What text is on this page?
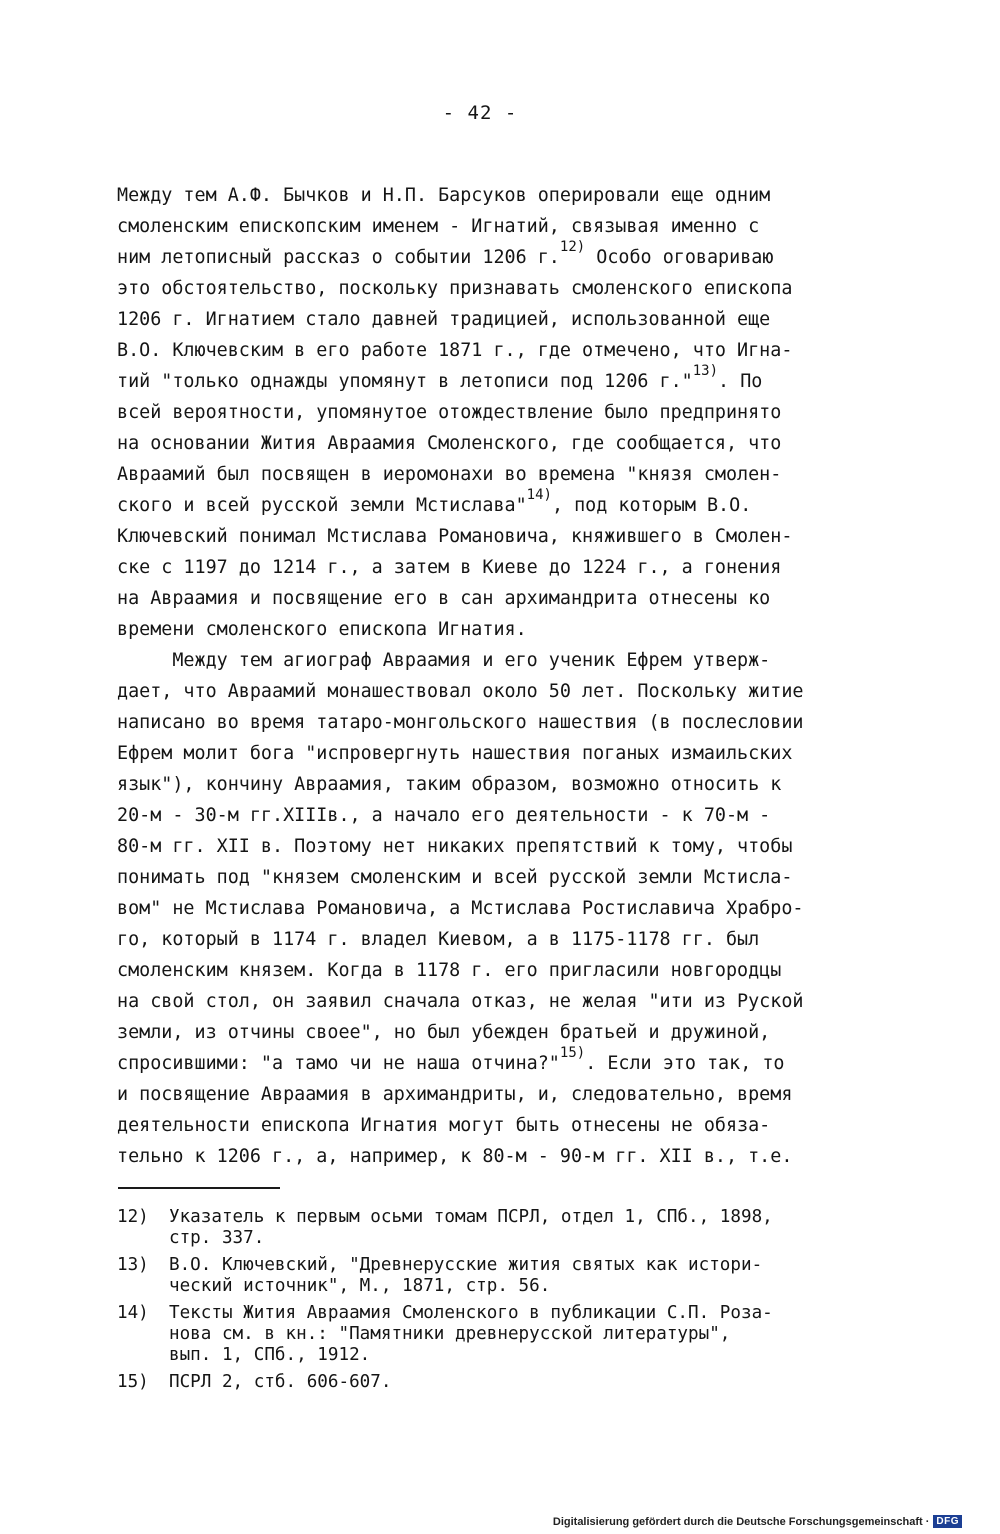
- 42 -
Между тем А.Ф. Бычков и Н.П. Барсуков оперировали еще одним
смоленским епископским именем - Игнатий, связывая именно с
ним летописный рассказ о событии 1206 г.$^{12)}$ Особо оговариваю
это обстоятельство, поскольку признавать смоленского епископа
1206 г. Игнатием стало давней традицией, использованной еще
В.О. Ключевским в его работе 1871 г., где отмечено, что Игна-
тий "только однажды упомянут в летописи под 1206 г."$^{13)}$. По
всей вероятности, упомянутое отождествление было предпринято
на основании Жития Авраамия Смоленского, где сообщается, что
Авраамий был посвящен в иеромонахи во времена "князя смолен-
ского и всей русской земли Мстислава"$^{14)}$, под которым В.О.
Ключевский понимал Мстислава Романовича, княжившего в Смолен-
ске с 1197 до 1214 г., а затем в Киеве до 1224 г., а гонения
на Авраамия и посвящение его в сан архимандрита отнесены ко
времени смоленского епископа Игнатия.
Между тем агиограф Авраамия и его ученик Ефрем утверж-
дает, что Авраамий монашествовал около 50 лет. Поскольку житие
написано во время татаро-монгольского нашествия (в послесловии
Ефрем молит бога "испровергнуть нашествия поганых измаильских
язык"), кончину Авраамия, таким образом, возможно относить к
20-м - 30-м гг.XIIIв., а начало его деятельности - к 70-м -
80-м гг. XII в. Поэтому нет никаких препятствий к тому, чтобы
понимать под "князем смоленским и всей русской земли Мстисла-
вом" не Мстислава Романовича, а Мстислава Ростиславича Храбро-
го, который в 1174 г. владел Киевом, а в 1175-1178 гг. был
смоленским князем. Когда в 1178 г. его пригласили новгородцы
на свой стол, он заявил сначала отказ, не желая "ити из Руской
земли, из отчины своее", но был убежден братьей и дружиной,
спросившими: "а тамо чи не наша отчина?"$^{15)}$. Если это так, то
и посвящение Авраамия в архимандриты, и, следовательно, время
деятельности епископа Игнатия могут быть отнесены не обяза-
тельно к 1206 г., а, например, к 80-м - 90-м гг. XII в., т.е.
12)	Указатель к первым осьми томам ПСРЛ, отдел 1, СПб., 1898,
стр. 337.
13)	В.О. Ключевский, "Древнерусские жития святых как истори-
ческий источник", М., 1871, стр. 56.
14)	Тексты Жития Авраамия Смоленского в публикации С.П. Роза-
нова см. в кн.: "Памятники древнерусской литературы",
вып. 1, СПб., 1912.
15)	ПСРЛ 2, стб. 606-607.
Digitalisierung gefördert durch die Deutsche Forschungsgemeinschaft · DFG
